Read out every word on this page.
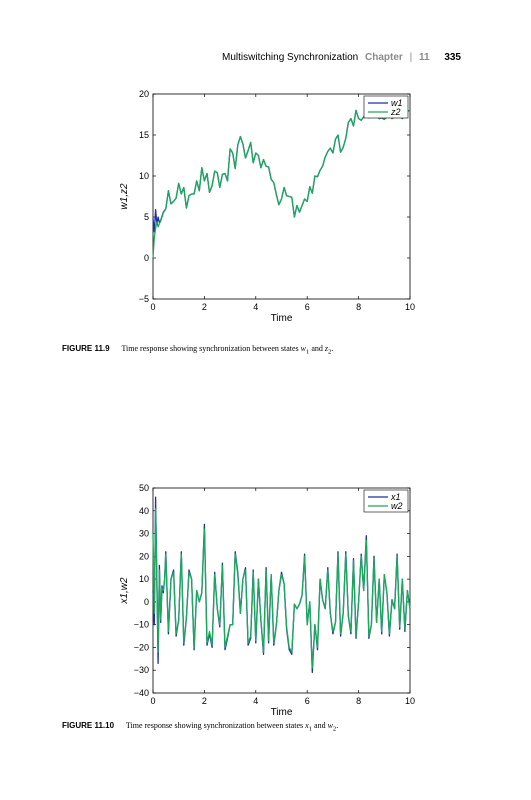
Multiswitching Synchronization Chapter | 11 335
Time
w1,z2
0	2	4	6	8	10
−5
0
5
10
15
20
w1
z2
FIGURE 11.9 Time response showing synchronization between states $w_1$ and $z_2$.
Time
x1,w2
0	2	4	6	8	10
−40
−30
−20
−10
0
10
20
30
40
50
x1
w2
FIGURE 11.10 Time response showing synchronization between states $x_1$ and $w_2$.
